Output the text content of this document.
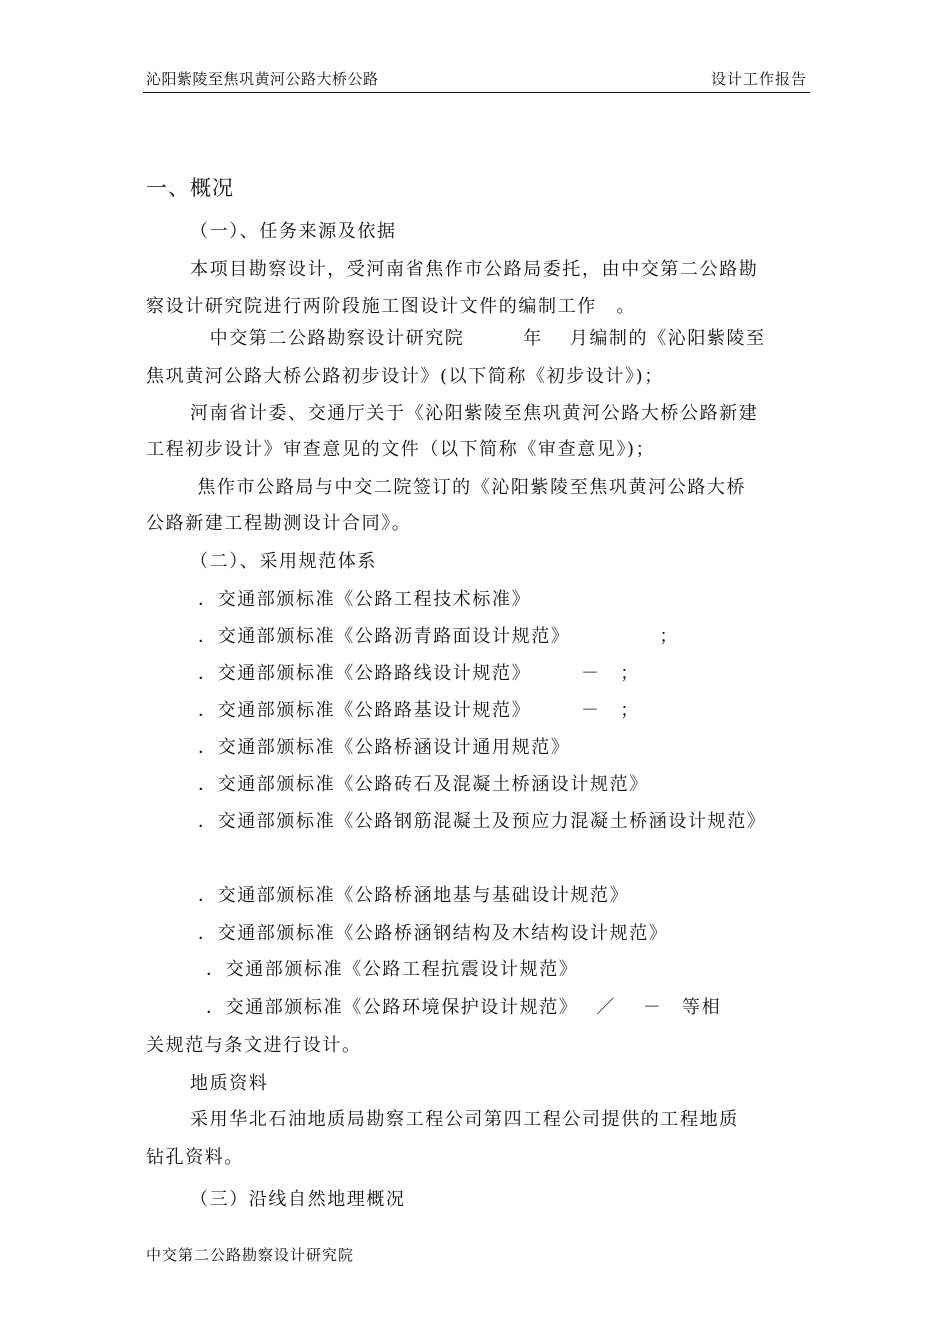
沁阳紫陵至焦巩黄河公路大桥公路	设计工作报告
一、概况
（一）、任务来源及依据
本项目勘察设计，受河南省焦作市公路局委托，由中交第二公路勘
察设计研究院进行两阶段施工图设计文件的编制工作　。
　中交第二公路勘察设计研究院　　　年　 月编制的《沁阳紫陵至
焦巩黄河公路大桥公路初步设计》(以下简称《初步设计》)；
河南省计委、交通厅关于《沁阳紫陵至焦巩黄河公路大桥公路新建
工程初步设计》审查意见的文件（以下简称《审查意见》)；
焦作市公路局与中交二院签订的《沁阳紫陵至焦巩黄河公路大桥
公路新建工程勘测设计合同》。
（二）、采用规范体系
．交通部颁标准《公路工程技术标准》
．交通部颁标准《公路沥青路面设计规范》　　　　　；
．交通部颁标准《公路路线设计规范》　　　－　；
．交通部颁标准《公路路基设计规范》　　　－　；
．交通部颁标准《公路桥涵设计通用规范》
．交通部颁标准《公路砖石及混凝土桥涵设计规范》
．交通部颁标准《公路钢筋混凝土及预应力混凝土桥涵设计规范》
．交通部颁标准《公路桥涵地基与基础设计规范》
．交通部颁标准《公路桥涵钢结构及木结构设计规范》
．交通部颁标准《公路工程抗震设计规范》
．交通部颁标准《公路环境保护设计规范》　 ／　 －　等相
关规范与条文进行设计。
地质资料
采用华北石油地质局勘察工程公司第四工程公司提供的工程地质
钻孔资料。
（三）沿线自然地理概况
中交第二公路勘察设计研究院
